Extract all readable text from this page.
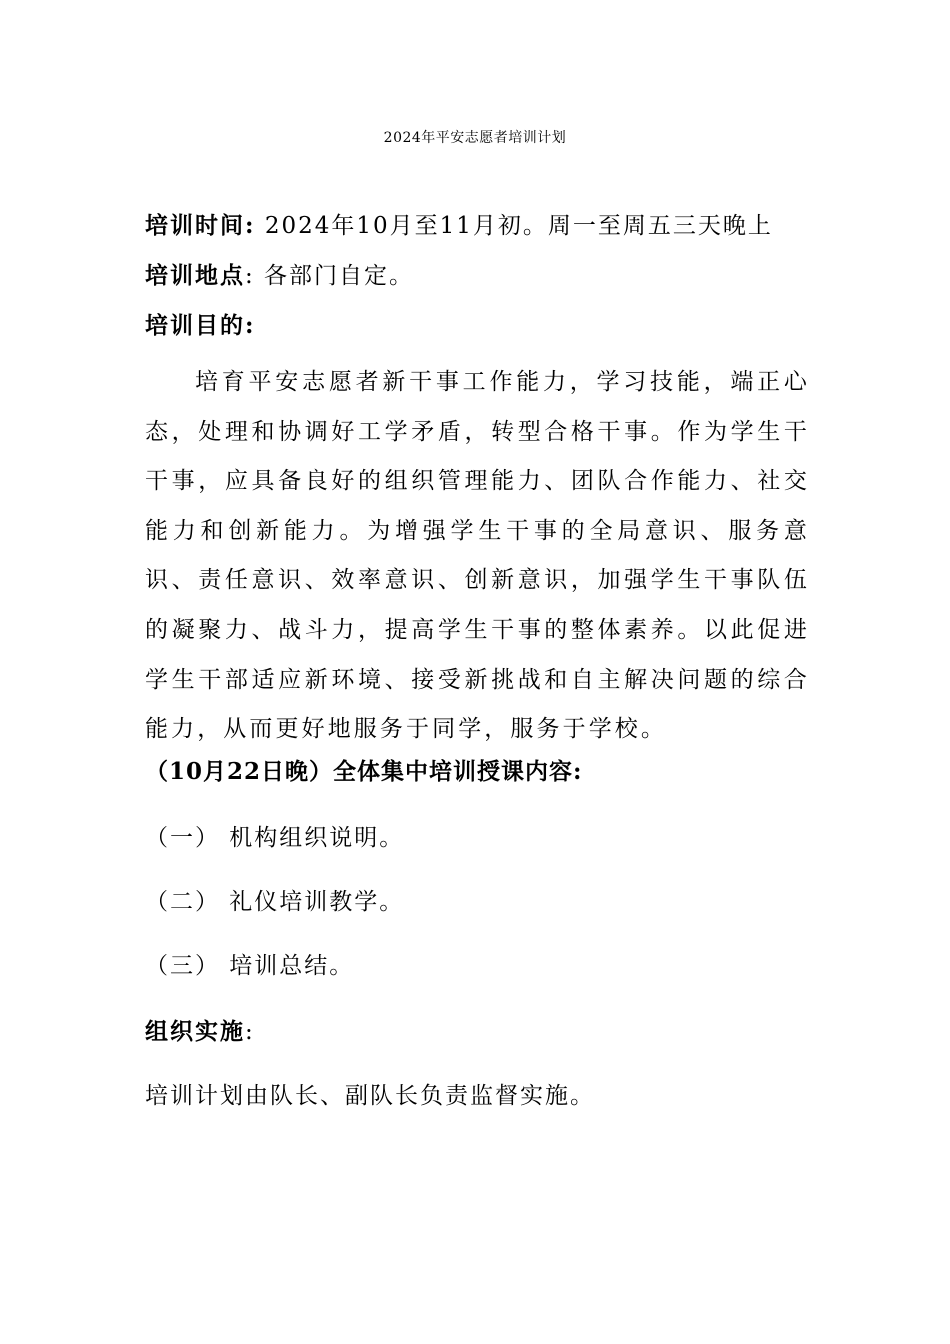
2024年平安志愿者培训计划
培训时间: 2024年10月至11月初。周一至周五三天晚上
培训地点: 各部门自定。
培训目的:
培育平安志愿者新干事工作能力，学习技能，端正心态，处理和协调好工学矛盾，转型合格干事。作为学生干干事，应具备良好的组织管理能力、团队合作能力、社交能力和创新能力。为增强学生干事的全局意识、服务意识、责任意识、效率意识、创新意识，加强学生干事队伍的凝聚力、战斗力，提高学生干事的整体素养。以此促进学生干部适应新环境、接受新挑战和自主解决问题的综合能力，从而更好地服务于同学，服务于学校。
（10月22日晚）全体集中培训授课内容:
（一） 机构组织说明。
（二） 礼仪培训教学。
（三） 培训总结。
组织实施:
培训计划由队长、副队长负责监督实施。
